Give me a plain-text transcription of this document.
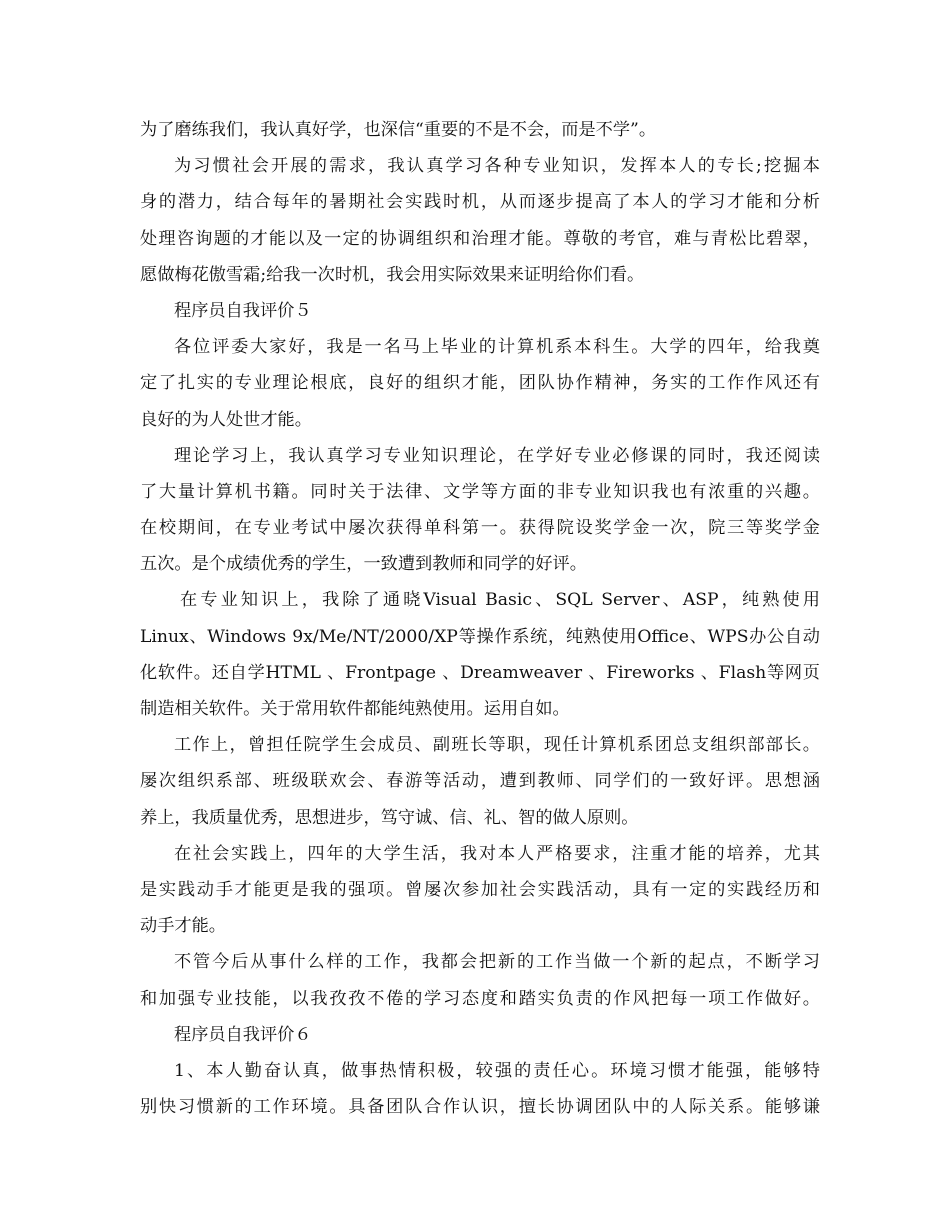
为了磨练我们，我认真好学，也深信“重要的不是不会，而是不学”。
为习惯社会开展的需求，我认真学习各种专业知识，发挥本人的专长;挖掘本
身的潜力，结合每年的暑期社会实践时机，从而逐步提高了本人的学习才能和分析
处理咨询题的才能以及一定的协调组织和治理才能。尊敬的考官，难与青松比碧翠，
愿做梅花傲雪霜;给我一次时机，我会用实际效果来证明给你们看。
程序员自我评价５
各位评委大家好，我是一名马上毕业的计算机系本科生。大学的四年，给我奠
定了扎实的专业理论根底，良好的组织才能，团队协作精神，务实的工作作风还有
良好的为人处世才能。
理论学习上，我认真学习专业知识理论，在学好专业必修课的同时，我还阅读
了大量计算机书籍。同时关于法律、文学等方面的非专业知识我也有浓重的兴趣。
在校期间，在专业考试中屡次获得单科第一。获得院设奖学金一次，院三等奖学金
五次。是个成绩优秀的学生，一致遭到教师和同学的好评。
在专业知识上，我除了通晓Visual Basic、SQL Server、ASP，纯熟使用
Linux、Windows 9x/Me/NT/2000/XP等操作系统，纯熟使用Office、WPS办公自动
化软件。还自学HTML 、Frontpage 、Dreamweaver 、Fireworks 、Flash等网页
制造相关软件。关于常用软件都能纯熟使用。运用自如。
工作上，曾担任院学生会成员、副班长等职，现任计算机系团总支组织部部长。
屡次组织系部、班级联欢会、春游等活动，遭到教师、同学们的一致好评。思想涵
养上，我质量优秀，思想进步，笃守诚、信、礼、智的做人原则。
在社会实践上，四年的大学生活，我对本人严格要求，注重才能的培养，尤其
是实践动手才能更是我的强项。曾屡次参加社会实践活动，具有一定的实践经历和
动手才能。
不管今后从事什么样的工作，我都会把新的工作当做一个新的起点，不断学习
和加强专业技能，以我孜孜不倦的学习态度和踏实负责的作风把每一项工作做好。
程序员自我评价６
1、本人勤奋认真，做事热情积极，较强的责任心。环境习惯才能强，能够特
别快习惯新的工作环境。具备团队合作认识，擅长协调团队中的人际关系。能够谦
